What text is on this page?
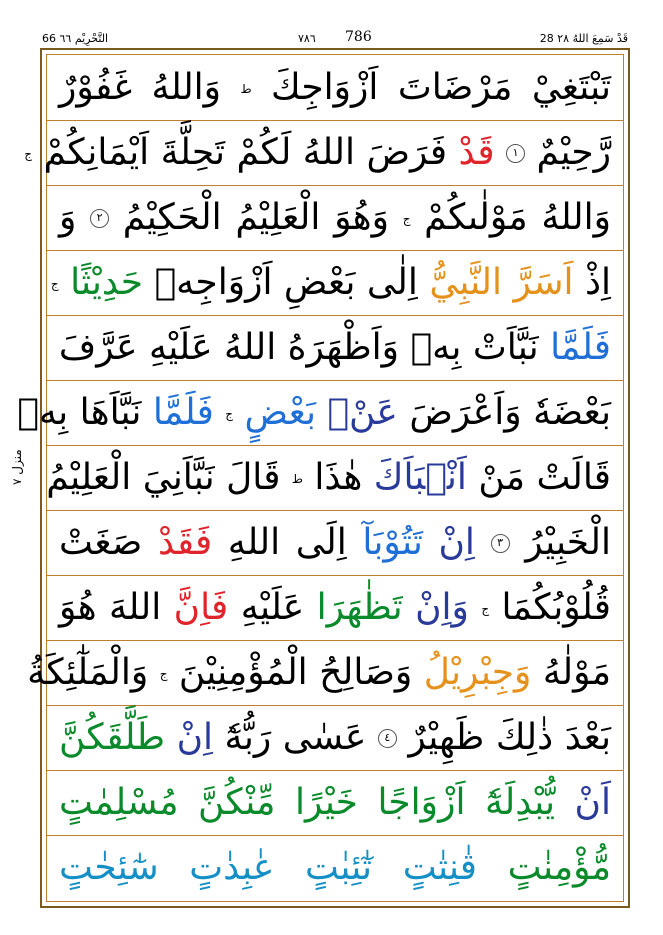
66 التَّحْرِيْم ٦٦	٧٨٦ 786	28 قَدْ سَمِعَ اللهُ ٢٨
منزل ٧
تَبْتَغِيْ مَرْضَاتَ اَزْوَاجِكَ ط وَاللهُ غَفُوْرٌ
رَّحِيْمٌ ١ قَدْ فَرَضَ اللهُ لَكُمْ تَحِلَّةَ اَيْمَانِكُمْ ج
وَاللهُ مَوْلٰىكُمْ ج وَهُوَ الْعَلِيْمُ الْحَكِيْمُ ٢ وَ
اِذْ اَسَرَّ النَّبِيُّ اِلٰى بَعْضِ اَزْوَاجِهٖ حَدِيْثًا ج
فَلَمَّا نَبَّاَتْ بِهٖ وَاَظْهَرَهُ اللهُ عَلَيْهِ عَرَّفَ
بَعْضَهٗ وَاَعْرَضَ عَنْۢ بَعْضٍ ج فَلَمَّا نَبَّاَهَا بِهٖ
قَالَتْ مَنْ اَنْۢبَاَكَ هٰذَا ط قَالَ نَبَّاَنِيَ الْعَلِيْمُ
الْخَبِيْرُ ٣ اِنْ تَتُوْبَآ اِلَى اللهِ فَقَدْ صَغَتْ
قُلُوْبُكُمَا ج وَاِنْ تَظٰهَرَا عَلَيْهِ فَاِنَّ اللهَ هُوَ
مَوْلٰهُ وَجِبْرِيْلُ وَصَالِحُ الْمُؤْمِنِيْنَ ج وَالْمَلٰٓئِكَةُ
بَعْدَ ذٰلِكَ ظَهِيْرٌ ٤ عَسٰى رَبُّهٗٓ اِنْ طَلَّقَكُنَّ
اَنْ يُّبْدِلَهٗٓ اَزْوَاجًا خَيْرًا مِّنْكُنَّ مُسْلِمٰتٍ
مُّؤْمِنٰتٍ قٰنِتٰتٍ تٰٓئِبٰتٍ عٰبِدٰتٍ سٰٓئِحٰتٍ
